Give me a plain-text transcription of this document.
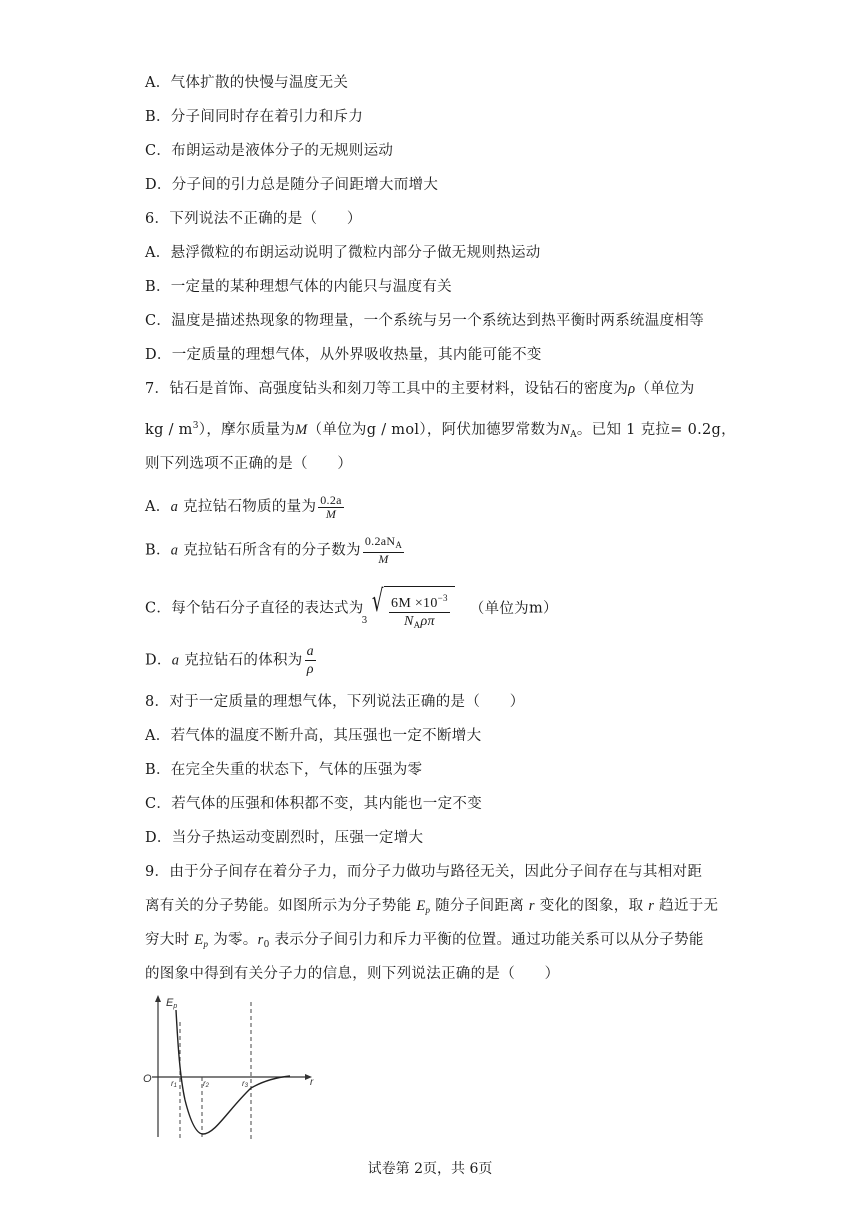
A．气体扩散的快慢与温度无关
B．分子间同时存在着引力和斥力
C．布朗运动是液体分子的无规则运动
D．分子间的引力总是随分子间距增大而增大
6．下列说法不正确的是（　　）
A．悬浮微粒的布朗运动说明了微粒内部分子做无规则热运动
B．一定量的某种理想气体的内能只与温度有关
C．温度是描述热现象的物理量，一个系统与另一个系统达到热平衡时两系统温度相等
D．一定质量的理想气体，从外界吸收热量，其内能可能不变
7．钻石是首饰、高强度钻头和刻刀等工具中的主要材料，设钻石的密度为ρ（单位为
kg / $m^3$），摩尔质量为M（单位为g / mol），阿伏加德罗常数为$N_A$。已知 1 克拉= 0.2g，
则下列选项不正确的是（　　）
A．a 克拉钻石物质的量为 $\frac{0.2a}{M}$
B．a 克拉钻石所含有的分子数为 $\frac{0.2aN_A}{M}$
C．每个钻石分子直径的表达式为
3
√ $\frac{6M \times 10^{-3}}{N_A\rho\pi}$ （单位为m）
D．a 克拉钻石的体积为 $\frac{a}{\rho}$
8．对于一定质量的理想气体，下列说法正确的是（　　）
A．若气体的温度不断升高，其压强也一定不断增大
B．在完全失重的状态下，气体的压强为零
C．若气体的压强和体积都不变，其内能也一定不变
D．当分子热运动变剧烈时，压强一定增大
9．由于分子间存在着分子力，而分子力做功与路径无关，因此分子间存在与其相对距
离有关的分子势能。如图所示为分子势能 $E_p$ 随分子间距离 r 变化的图象，取 r 趋近于无
穷大时 $E_p$ 为零。$r_0$ 表示分子间引力和斥力平衡的位置。通过功能关系可以从分子势能
的图象中得到有关分子力的信息，则下列说法正确的是（　　）
Ep
O	r
r1	r2	r3
试卷第 2页，共 6页
